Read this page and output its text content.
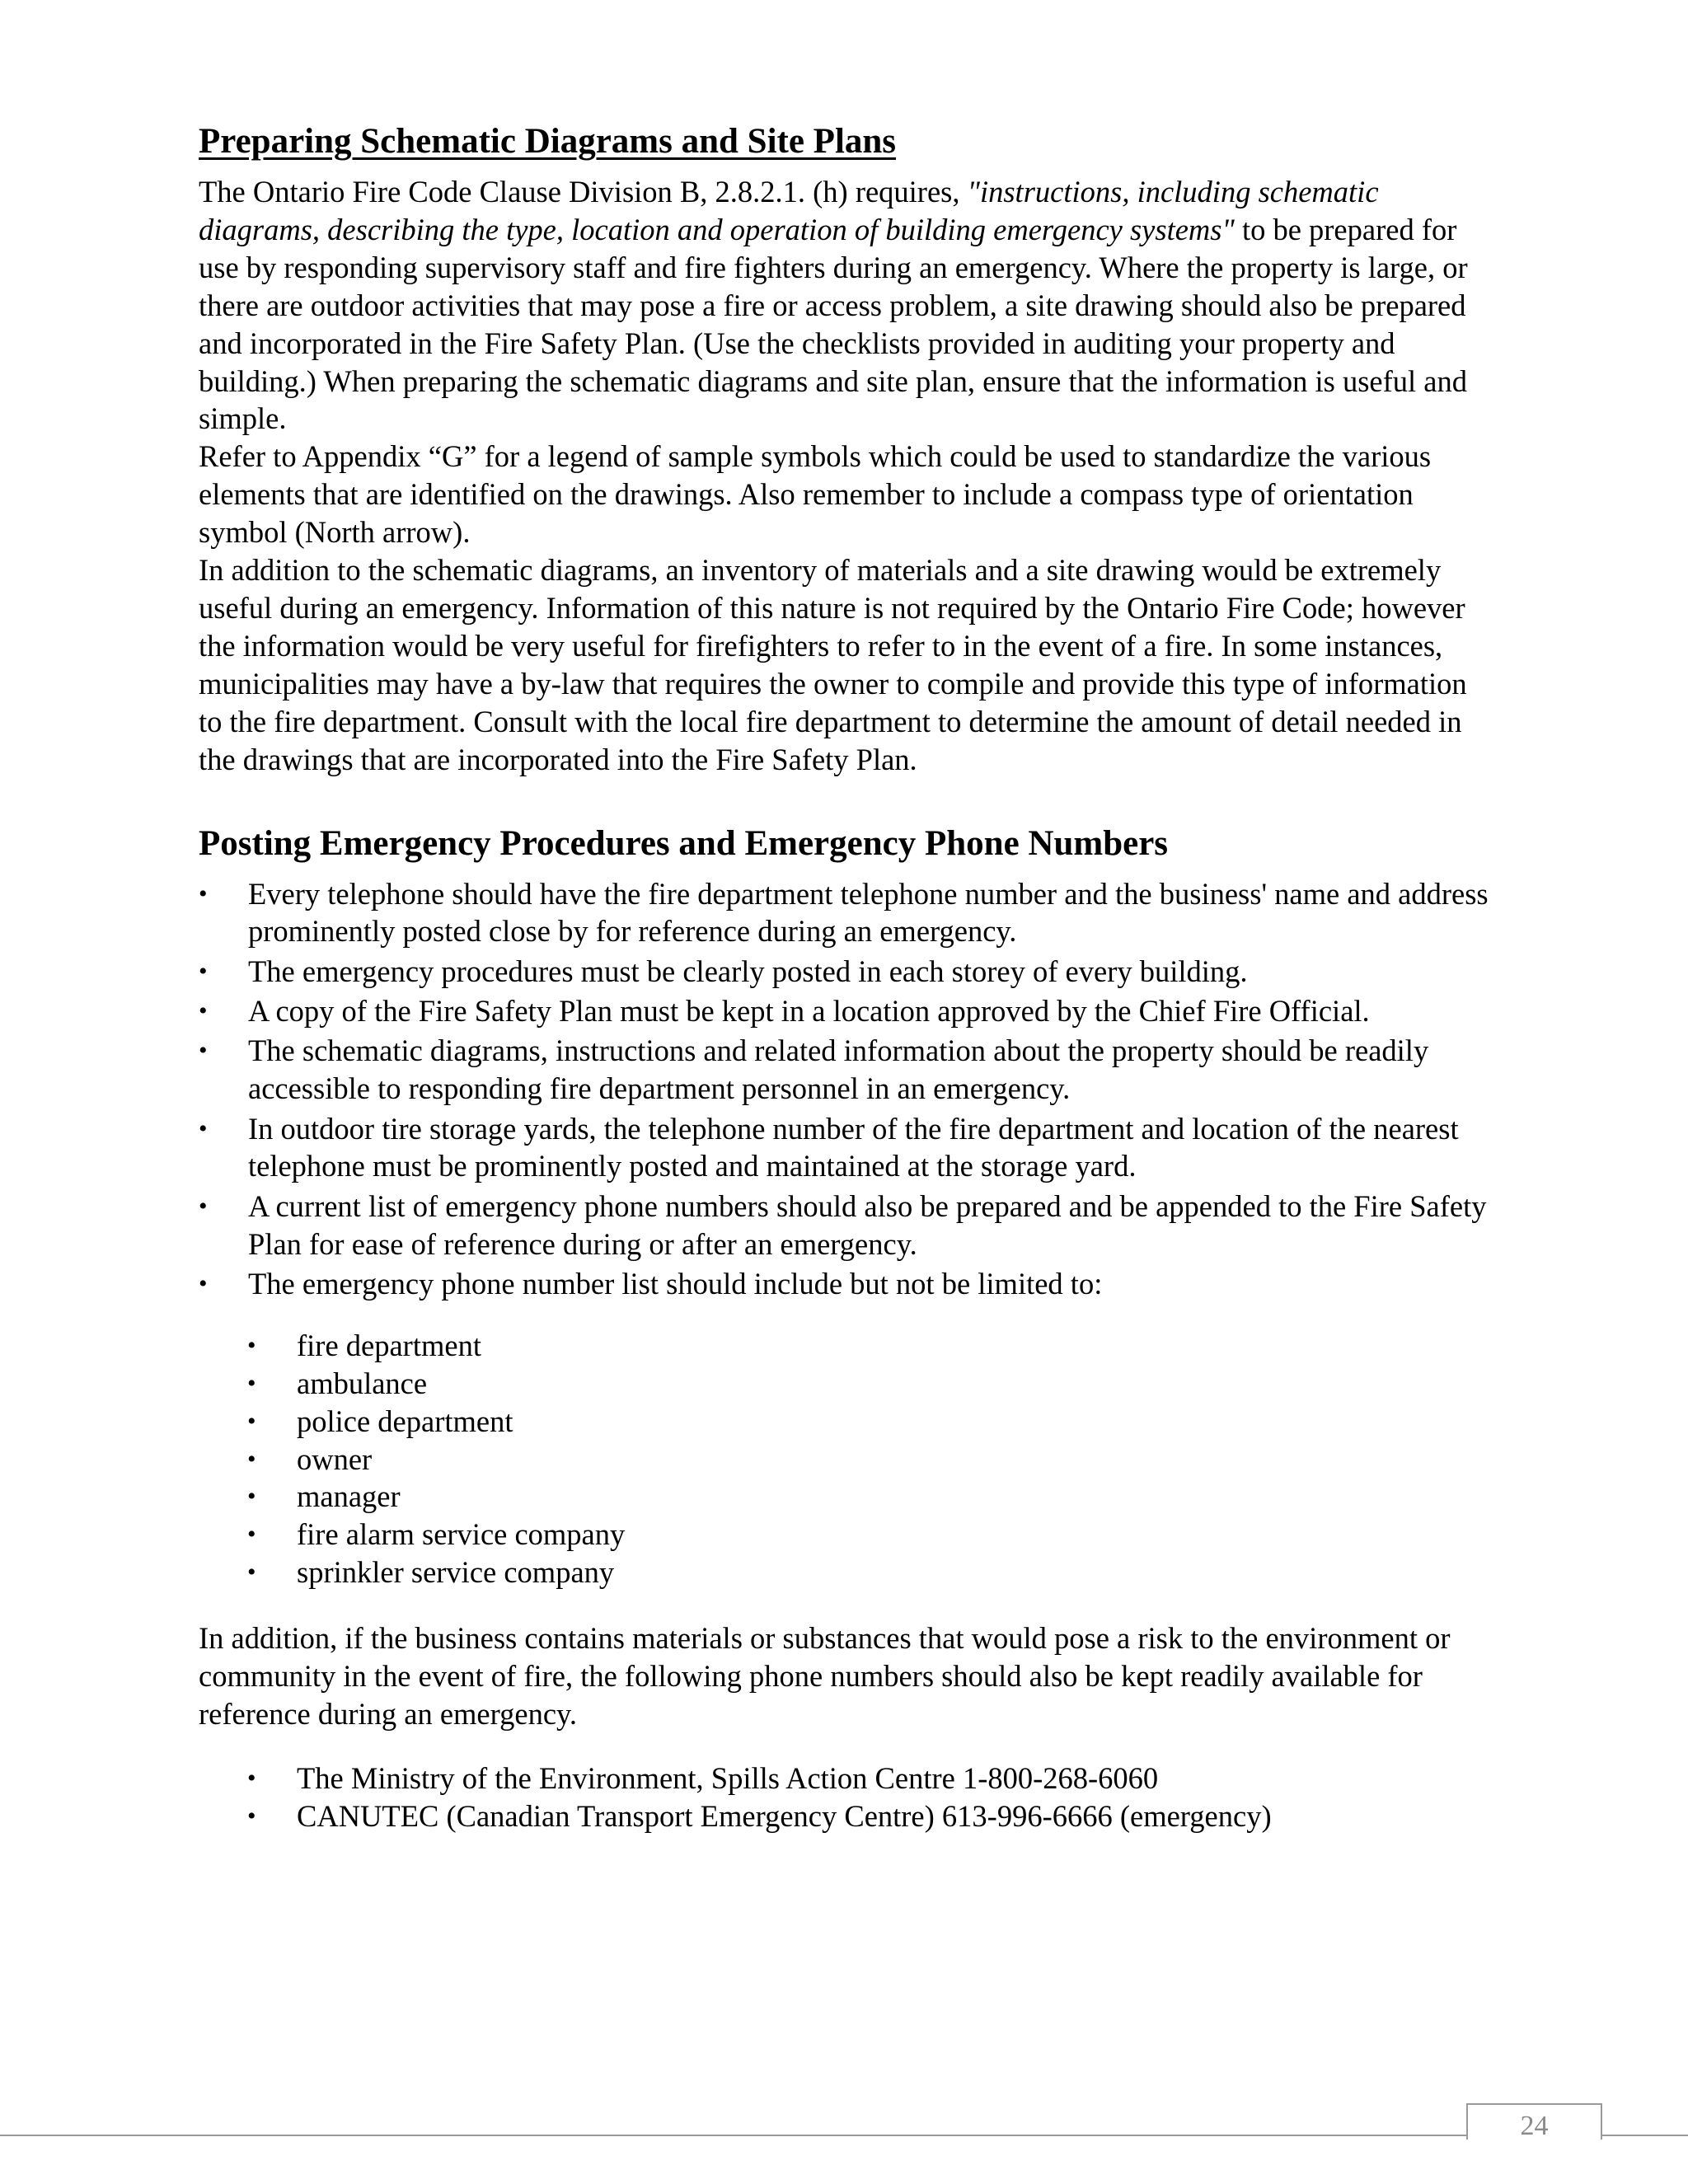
Preparing Schematic Diagrams and Site Plans

The Ontario Fire Code Clause Division B, 2.8.2.1. (h) requires, "instructions, including schematic diagrams, describing the type, location and operation of building emergency systems" to be prepared for use by responding supervisory staff and fire fighters during an emergency. Where the property is large, or there are outdoor activities that may pose a fire or access problem, a site drawing should also be prepared and incorporated in the Fire Safety Plan. (Use the checklists provided in auditing your property and building.) When preparing the schematic diagrams and site plan, ensure that the information is useful and simple.

Refer to Appendix “G” for a legend of sample symbols which could be used to standardize the various elements that are identified on the drawings. Also remember to include a compass type of orientation symbol (North arrow).

In addition to the schematic diagrams, an inventory of materials and a site drawing would be extremely useful during an emergency. Information of this nature is not required by the Ontario Fire Code; however the information would be very useful for firefighters to refer to in the event of a fire. In some instances, municipalities may have a by-law that requires the owner to compile and provide this type of information to the fire department. Consult with the local fire department to determine the amount of detail needed in the drawings that are incorporated into the Fire Safety Plan.

Posting Emergency Procedures and Emergency Phone Numbers
• Every telephone should have the fire department telephone number and the business' name and address prominently posted close by for reference during an emergency.
• The emergency procedures must be clearly posted in each storey of every building.
• A copy of the Fire Safety Plan must be kept in a location approved by the Chief Fire Official.
• The schematic diagrams, instructions and related information about the property should be readily accessible to responding fire department personnel in an emergency.
• In outdoor tire storage yards, the telephone number of the fire department and location of the nearest telephone must be prominently posted and maintained at the storage yard.
• A current list of emergency phone numbers should also be prepared and be appended to the Fire Safety Plan for ease of reference during or after an emergency.
• The emergency phone number list should include but not be limited to:
• fire department
• ambulance
• police department
• owner
• manager
• fire alarm service company
• sprinkler service company

In addition, if the business contains materials or substances that would pose a risk to the environment or community in the event of fire, the following phone numbers should also be kept readily available for reference during an emergency.

• The Ministry of the Environment, Spills Action Centre 1-800-268-6060
• CANUTEC (Canadian Transport Emergency Centre) 613-996-6666 (emergency)
24
